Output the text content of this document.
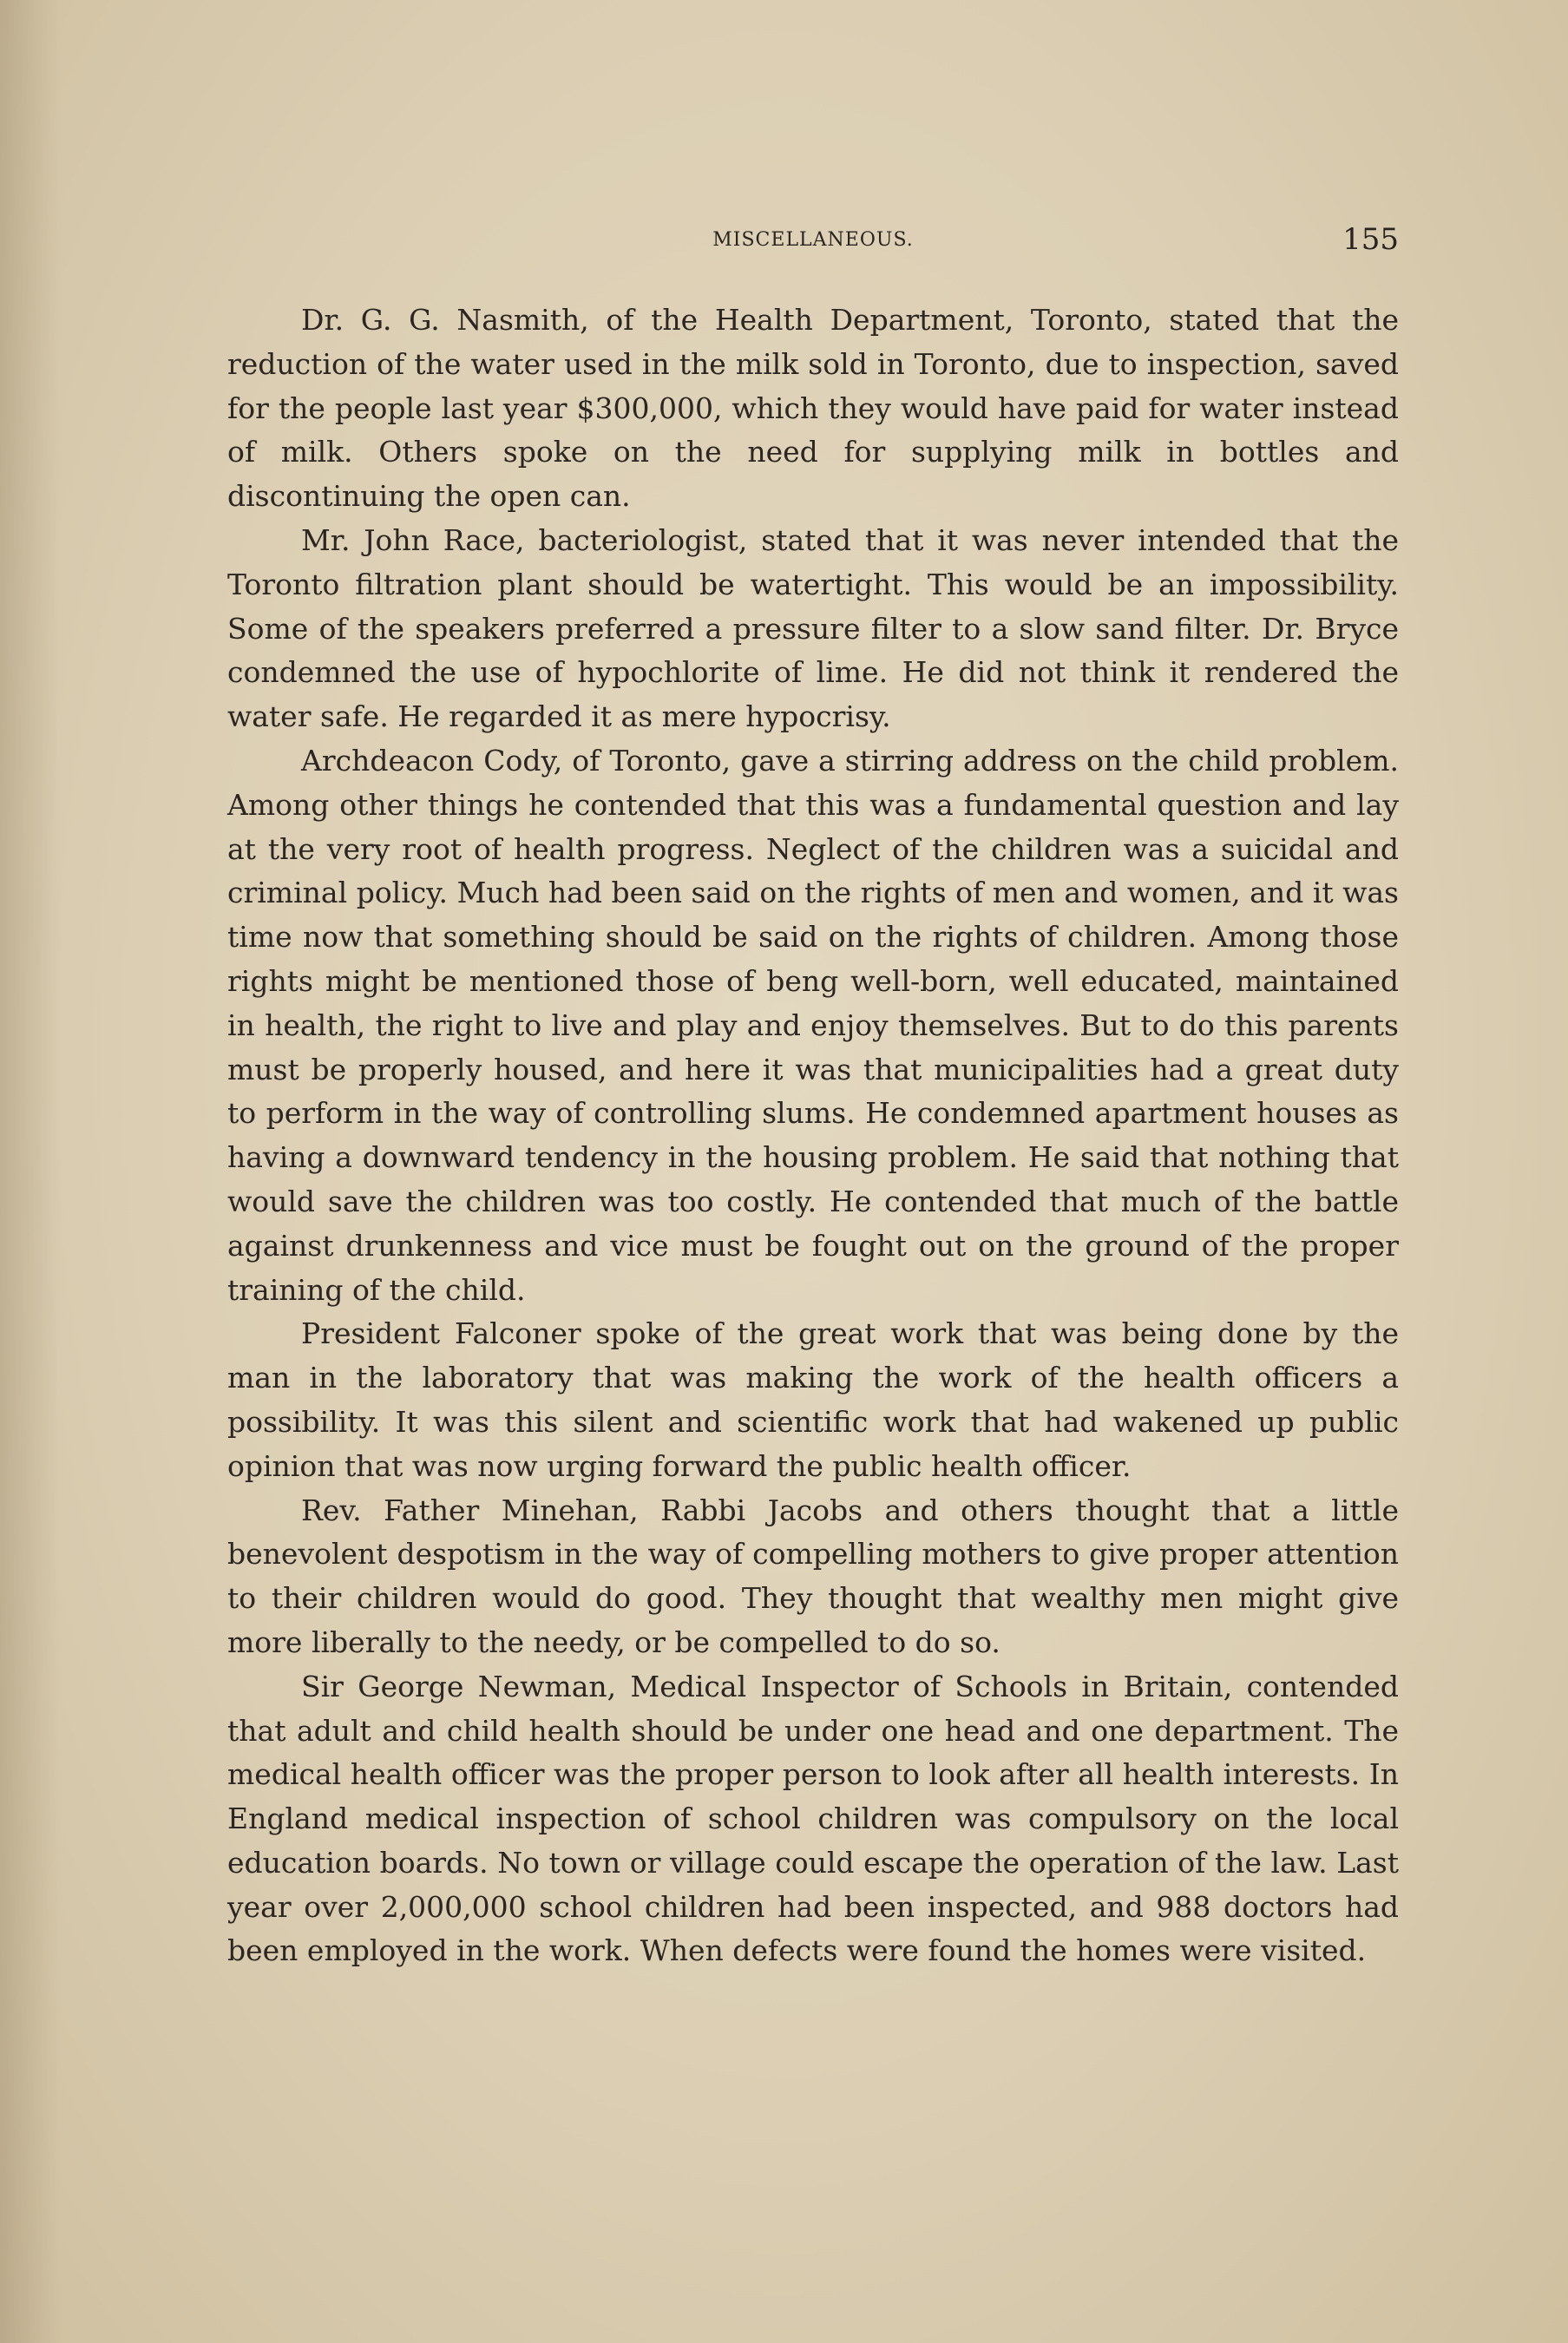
MISCELLANEOUS.	155

Dr. G. G. Nasmith, of the Health Department, Toronto, stated that the reduction of the water used in the milk sold in Toronto, due to inspection, saved for the people last year $300,000, which they would have paid for water instead of milk. Others spoke on the need for supplying milk in bottles and discontinuing the open can.

Mr. John Race, bacteriologist, stated that it was never intended that the Toronto filtration plant should be watertight. This would be an impossibility. Some of the speakers preferred a pressure filter to a slow sand filter. Dr. Bryce condemned the use of hypochlorite of lime. He did not think it rendered the water safe. He regarded it as mere hypocrisy.

Archdeacon Cody, of Toronto, gave a stirring address on the child problem. Among other things he contended that this was a fundamental question and lay at the very root of health progress. Neglect of the children was a suicidal and criminal policy. Much had been said on the rights of men and women, and it was time now that something should be said on the rights of children. Among those rights might be mentioned those of beng well-born, well educated, maintained in health, the right to live and play and enjoy themselves. But to do this parents must be properly housed, and here it was that municipalities had a great duty to perform in the way of controlling slums. He condemned apartment houses as having a downward tendency in the housing problem. He said that nothing that would save the children was too costly. He contended that much of the battle against drunkenness and vice must be fought out on the ground of the proper training of the child.

President Falconer spoke of the great work that was being done by the man in the laboratory that was making the work of the health officers a possibility. It was this silent and scientific work that had wakened up public opinion that was now urging forward the public health officer.

Rev. Father Minehan, Rabbi Jacobs and others thought that a little benevolent despotism in the way of compelling mothers to give proper attention to their children would do good. They thought that wealthy men might give more liberally to the needy, or be compelled to do so.

Sir George Newman, Medical Inspector of Schools in Britain, contended that adult and child health should be under one head and one department. The medical health officer was the proper person to look after all health interests. In England medical inspection of school children was compulsory on the local education boards. No town or village could escape the operation of the law. Last year over 2,000,000 school children had been inspected, and 988 doctors had been employed in the work. When defects were found the homes were visited.
